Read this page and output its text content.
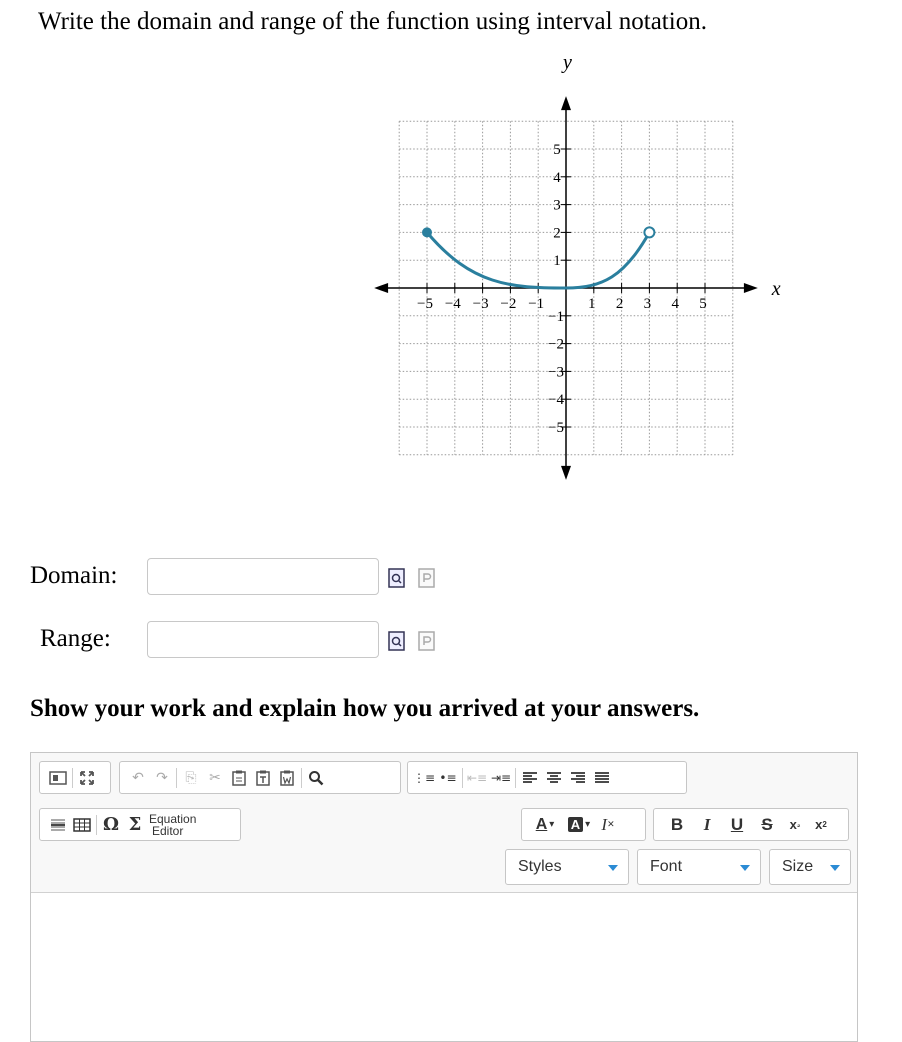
Write the domain and range of the function using interval notation.
−5 −4 −3 −2 −1	1 2 3 4 5
5
4
3
2
1
−1
−2
−3
−4
−5
y
x
Domain:
Range:
Show your work and explain how you arrived at your answers.
↶ ↷	⎘ ✂	⋮≡ •≡ ⇤≡ ⇥≡
Ω Σ Equation
Editor	A ▾ A ▾ I ✕	B	I	U	S	x ₂	x 2
Styles	Font	Size
